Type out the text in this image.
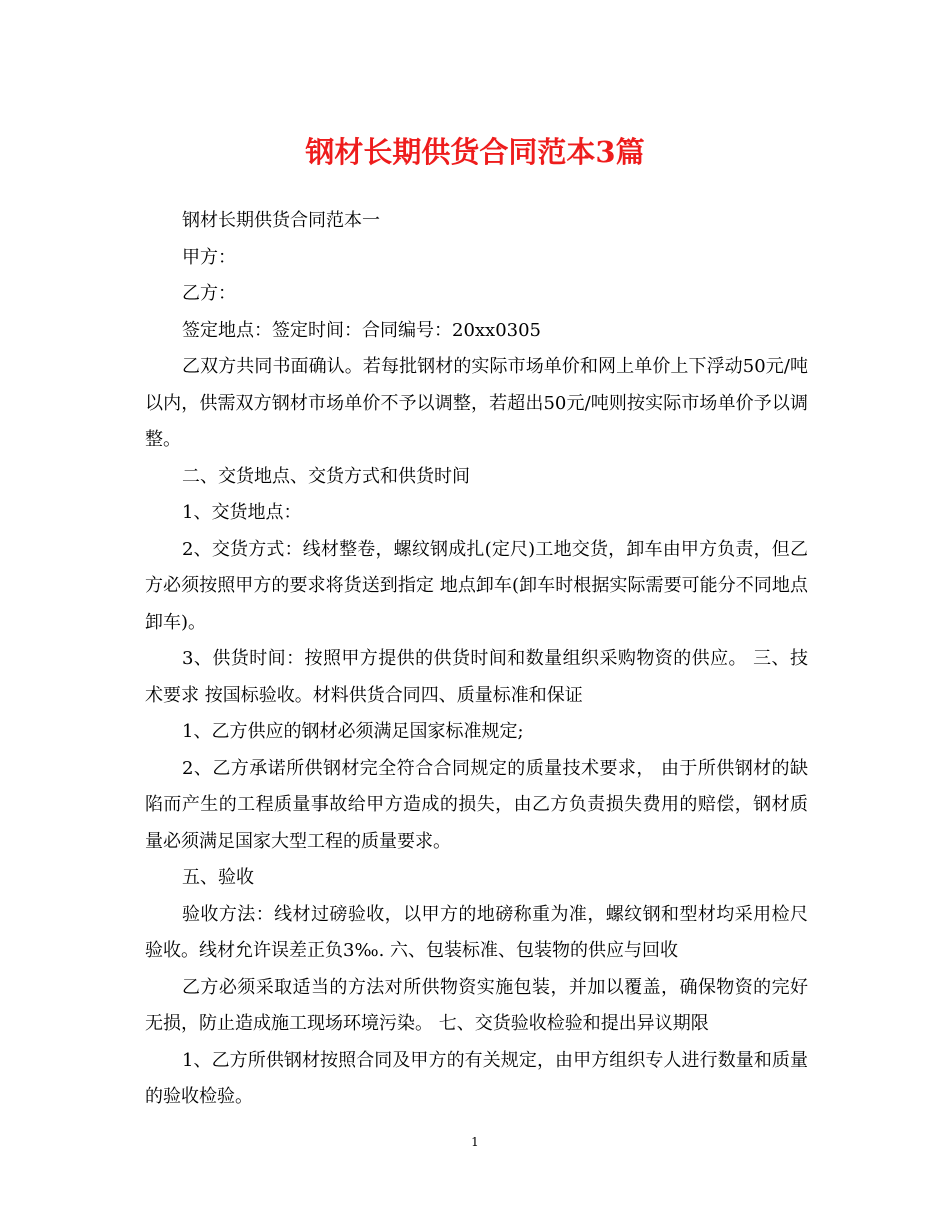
钢材长期供货合同范本3篇

钢材长期供货合同范本一

甲方：

乙方：

签定地点：签定时间：合同编号：20xx0305

乙双方共同书面确认。若每批钢材的实际市场单价和网上单价上下浮动50元/吨以内，供需双方钢材市场单价不予以调整，若超出50元/吨则按实际市场单价予以调整。

二、交货地点、交货方式和供货时间

1、交货地点：

2、交货方式：线材整卷，螺纹钢成扎(定尺)工地交货，卸车由甲方负责，但乙方必须按照甲方的要求将货送到指定 地点卸车(卸车时根据实际需要可能分不同地点卸车)。

3、供货时间：按照甲方提供的供货时间和数量组织采购物资的供应。 三、技术要求 按国标验收。材料供货合同四、质量标准和保证

1、乙方供应的钢材必须满足国家标准规定;

2、乙方承诺所供钢材完全符合合同规定的质量技术要求， 由于所供钢材的缺陷而产生的工程质量事故给甲方造成的损失，由乙方负责损失费用的赔偿，钢材质量必须满足国家大型工程的质量要求。

五、验收

验收方法：线材过磅验收，以甲方的地磅称重为准，螺纹钢和型材均采用检尺验收。线材允许误差正负3‰. 六、包装标准、包装物的供应与回收

乙方必须采取适当的方法对所供物资实施包装，并加以覆盖，确保物资的完好无损，防止造成施工现场环境污染。 七、交货验收检验和提出异议期限

1、乙方所供钢材按照合同及甲方的有关规定，由甲方组织专人进行数量和质量的验收检验。

1
